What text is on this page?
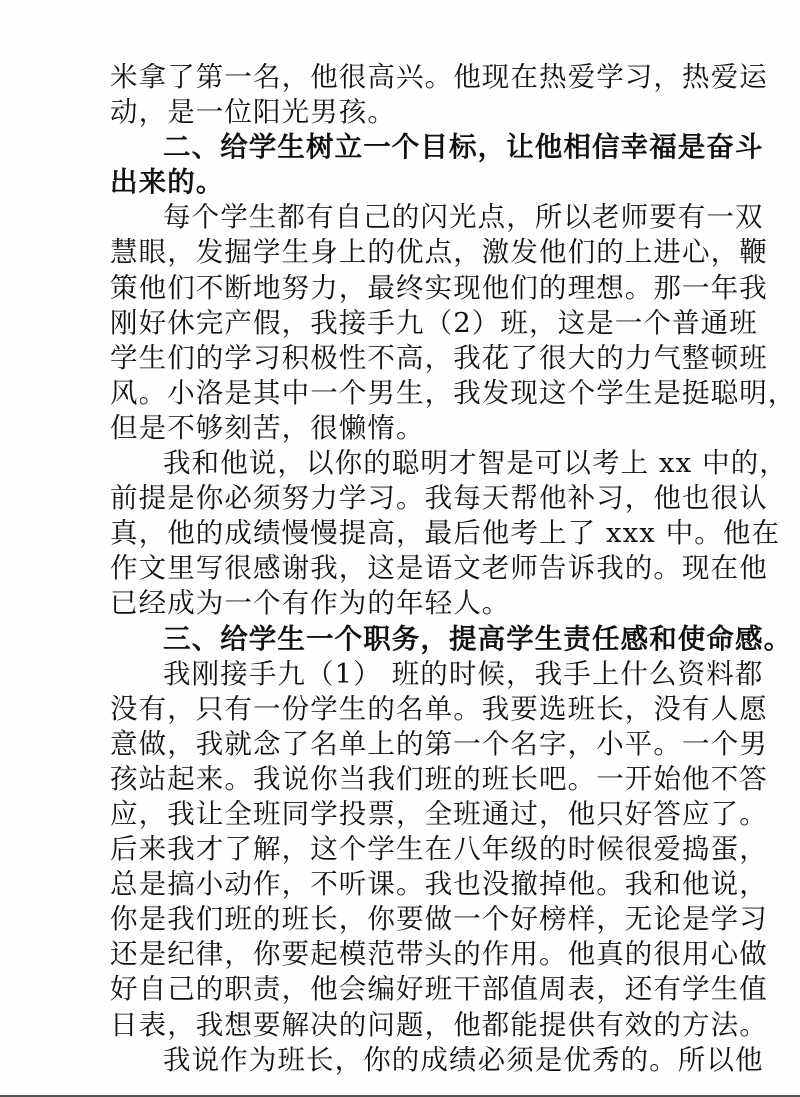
米拿了第一名，他很高兴。他现在热爱学习，热爱运
动，是一位阳光男孩。
二、给学生树立一个目标，让他相信幸福是奋斗
出来的。
每个学生都有自己的闪光点，所以老师要有一双
慧眼，发掘学生身上的优点，激发他们的上进心，鞭
策他们不断地努力，最终实现他们的理想。那一年我
刚好休完产假，我接手九（2）班，这是一个普通班
学生们的学习积极性不高，我花了很大的力气整顿班
风。小洛是其中一个男生，我发现这个学生是挺聪明，
但是不够刻苦，很懒惰。
我和他说，以你的聪明才智是可以考上 xx 中的，
前提是你必须努力学习。我每天帮他补习，他也很认
真，他的成绩慢慢提高，最后他考上了 xxx 中。他在
作文里写很感谢我，这是语文老师告诉我的。现在他
已经成为一个有作为的年轻人。
三、给学生一个职务，提高学生责任感和使命感。
我刚接手九（1） 班的时候，我手上什么资料都
没有，只有一份学生的名单。我要选班长，没有人愿
意做，我就念了名单上的第一个名字，小平。一个男
孩站起来。我说你当我们班的班长吧。一开始他不答
应，我让全班同学投票，全班通过，他只好答应了。
后来我才了解，这个学生在八年级的时候很爱捣蛋，
总是搞小动作，不听课。我也没撤掉他。我和他说，
你是我们班的班长，你要做一个好榜样，无论是学习
还是纪律，你要起模范带头的作用。他真的很用心做
好自己的职责，他会编好班干部值周表，还有学生值
日表，我想要解决的问题，他都能提供有效的方法。
我说作为班长，你的成绩必须是优秀的。所以他
